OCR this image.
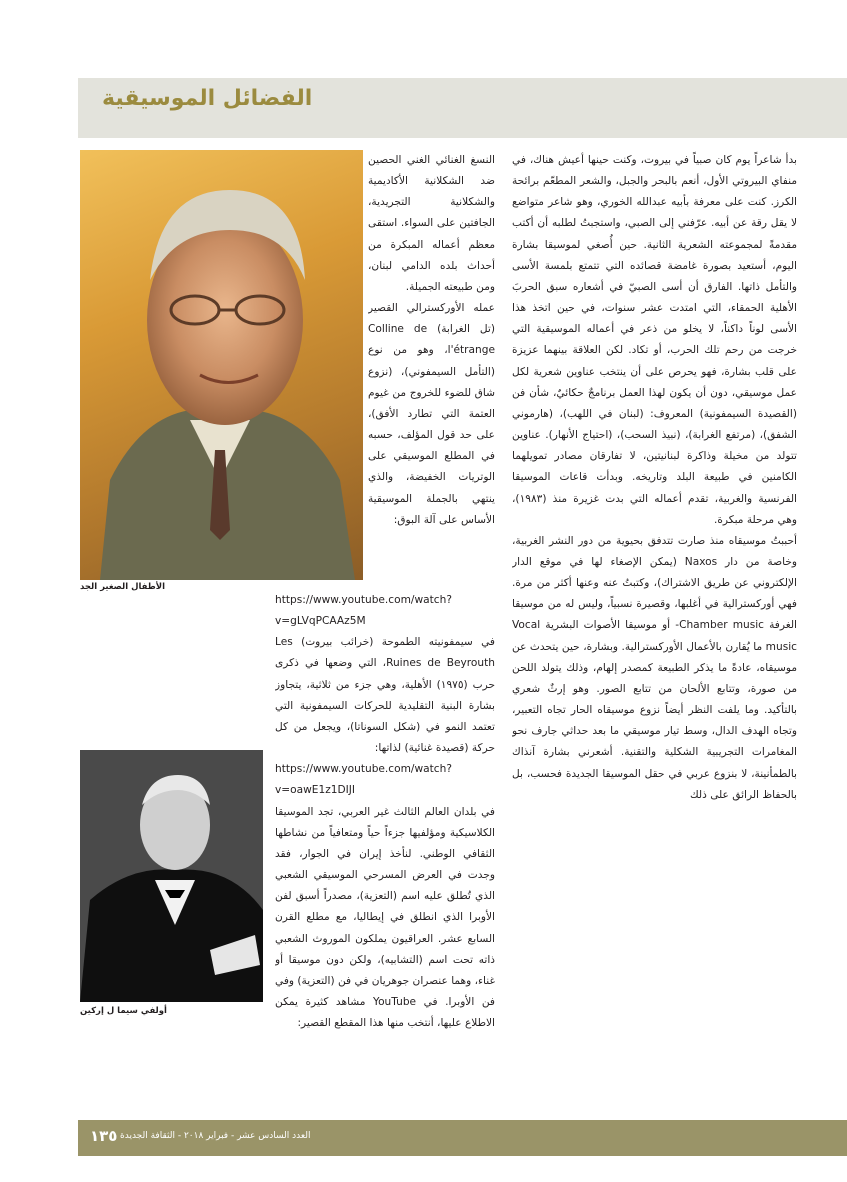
الفضائل الموسيقية
الأطفال الصغير الجد
أولفي سيما ل إركين

بدأ شاعراً يوم كان صبياً في بيروت، وكنت حينها أعيش هناك، في منفاي البيروتي الأول، أنعم بالبحر والجبل، والشعر المطعّم برائحة الكرز. كنت على معرفة بأبيه عبدالله الخوري، وهو شاعر متواضع لا يقل رقة عن أبيه. عرّفني إلى الصبي، واستجبتُ لطلبه أن أكتب مقدمةً لمجموعته الشعرية الثانية. حين أُصغي لموسيقا بشارة اليوم، أستعيد بصورة غامضة قصائده التي تتمتع بلمسة الأسى والتأمل ذاتها. الفارق أن أسى الصبيّ في أشعاره سبق الحربَ الأهلية الحمقاء، التي امتدت عشر سنوات، في حين اتخذ هذا الأسى لوناً داكناً، لا يخلو من ذعر في أعماله الموسيقية التي خرجت من رحم تلك الحرب، أو تكاد. لكن العلاقة بينهما عزيزة على قلب بشارة، فهو يحرص على أن ينتخب عناوين شعرية لكل عمل موسيقي، دون أن يكون لهذا العمل برنامجٌ حكائيٌ، شأن فن (القصيدة السيمفونية) المعروف: (لبنان في اللهب)، (هارموني الشفق)، (مرتفع الغرابة)، (نبيذ السحب)، (احتياج الأنهار). عناوين تتولد من مخيلة وذاكرة لبنانيتين، لا تفارقان مصادر تمويلهما الكامنين في طبيعة البلد وتاريخه. وبدأت قاعات الموسيقا الفرنسية والغربية، تقدم أعماله التي بدت غزيرة منذ (١٩٨٣)، وهي مرحلة مبكرة.

أحببتُ موسيقاه منذ صارت تتدفق بحيوية من دور النشر الغربية، وخاصة من دار Naxos (يمكن الإصغاء لها في موقع الدار الإلكتروني عن طريق الاشتراك)، وكتبتُ عنه وعنها أكثر من مرة. فهي أوركسترالية في أغلبها، وقصيرة نسبياً، وليس له من موسيقا الغرفة Chamber music- أو موسيقا الأصوات البشرية Vocal music ما يُقارن بالأعمال الأوركسترالية. وبشارة، حين يتحدث عن موسيقاه، عادةً ما يذكر الطبيعة كمصدر إلهام، وذلك يتولد اللحن من صورة، وتتابع الألحان من تتابع الصور. وهو إرثٌ شعري بالتأكيد. وما يلفت النظر أيضاً نزوع موسيقاه الحار تجاه التعبير، وتجاه الهدف الدال، وسط تيار موسيقي ما بعد حداثي جارف نحو المغامرات التجريبية الشكلية والتقنية. أشعرني بشارة آنذاك بالطمأنينة، لا بنزوع عربي في حقل الموسيقا الجديدة فحسب، بل بالحفاظ الرائق على ذلك

النسغ الغنائي الغني الحصين ضد الشكلانية الأكاديمية والشكلانية التجريدية، الجافتين على السواء. استقى معظم أعماله المبكرة من أحداث بلده الدامي لبنان، ومن طبيعته الجميلة.

عمله الأوركسترالي القصير (تل الغرابة) Colline de l'étrange، وهو من نوع (التأمل السيمفوني)، (نزوع شاق للضوء للخروج من غيوم العتمة التي تطارد الأفق)، على حد قول المؤلف، حسبه في المطلع الموسيقي على الوتريات الخفيضة، والذي ينتهي بالجملة الموسيقية الأساس على آلة البوق:

https://www.youtube.com/watch?v=gLVqPCAAz5M

في سيمفونيته الطموحة (خرائب بيروت) Les Ruines de Beyrouth، التي وضعها في ذكرى حرب (١٩٧٥) الأهلية، وهي جزء من ثلاثية، يتجاوز بشارة البنية التقليدية للحركات السيمفونية التي تعتمد النمو في (شكل السوناتا)، ويجعل من كل حركة (قصيدة غنائية) لذاتها:

https://www.youtube.com/watch?v=oawE1z1DIJI

في بلدان العالم الثالث غير العربي، تجد الموسيقا الكلاسيكية ومؤلفيها جزءاً حياً ومتعافياً من نشاطها الثقافي الوطني. لنأخذ إيران في الجوار، فقد وجدت في العرض المسرحي الموسيقي الشعبي الذي تُطلق عليه اسم (التعزية)، مصدراً أسبق لفن الأوبرا الذي انطلق في إيطاليا، مع مطلع القرن السابع عشر. العراقيون يملكون الموروث الشعبي ذاته تحت اسم (التشابيه)، ولكن دون موسيقا أو غناء، وهما عنصران جوهريان في فن (التعزية) وفي فن الأوبرا. في YouTube مشاهد كثيرة يمكن الاطلاع عليها، أنتخب منها هذا المقطع القصير:

١٣٥ العدد السادس عشر - فبراير ٢٠١٨ - الثقافة الجديدة
